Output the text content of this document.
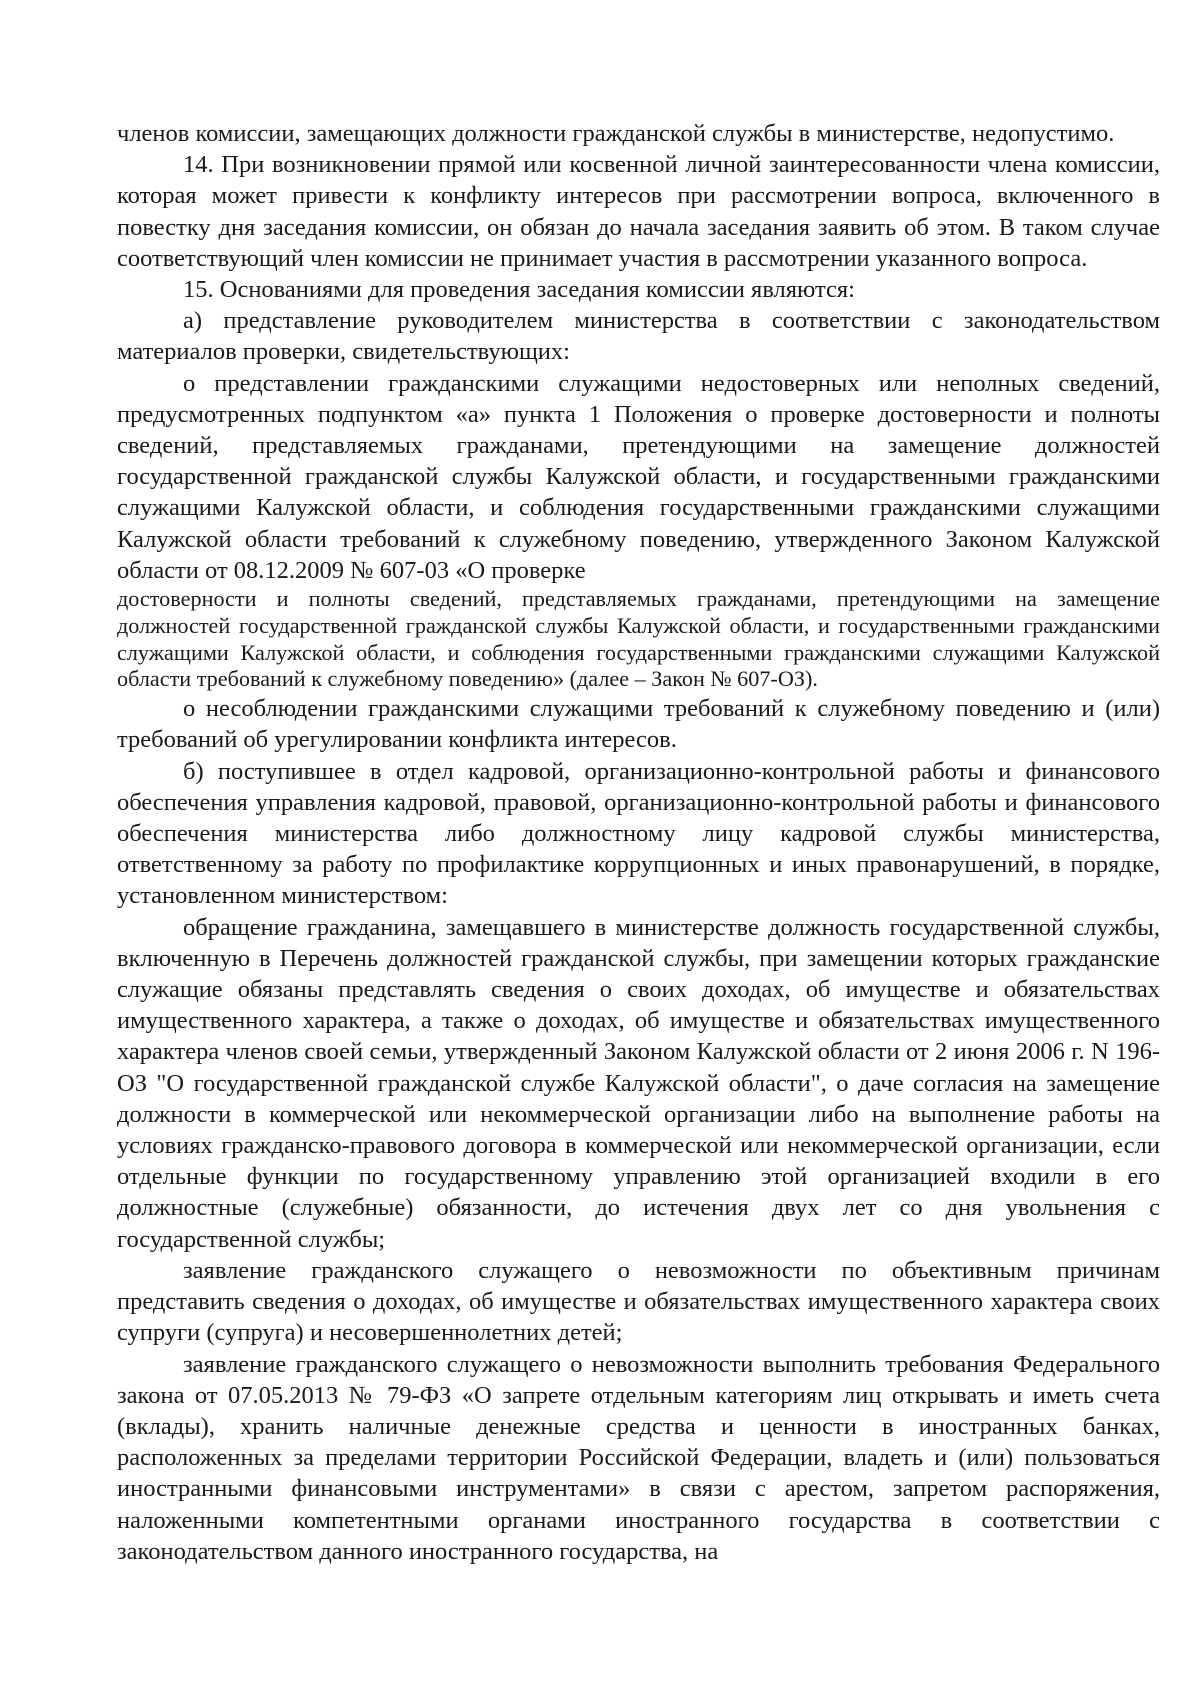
членов комиссии, замещающих должности гражданской службы в министерстве, недопустимо.

14. При возникновении прямой или косвенной личной заинтересованности члена комиссии, которая может привести к конфликту интересов при рассмотрении вопроса, включенного в повестку дня заседания комиссии, он обязан до начала заседания заявить об этом. В таком случае соответствующий член комиссии не принимает участия в рассмотрении указанного вопроса.

15. Основаниями для проведения заседания комиссии являются:

а) представление руководителем министерства в соответствии с законодательством материалов проверки, свидетельствующих:

о представлении гражданскими служащими недостоверных или неполных сведений, предусмотренных подпунктом «а» пункта 1 Положения о проверке достоверности и полноты сведений, представляемых гражданами, претендующими на замещение должностей государственной гражданской службы Калужской области, и государственными гражданскими служащими Калужской области, и соблюдения государственными гражданскими служащими Калужской области требований к служебному поведению, утвержденного Законом Калужской области от 08.12.2009 № 607-03 «О проверке

достоверности и полноты сведений, представляемых гражданами, претендующими на замещение должностей государственной гражданской службы Калужской области, и государственными гражданскими служащими Калужской области, и соблюдения государственными гражданскими служащими Калужской области требований к служебному поведению» (далее – Закон № 607-ОЗ).

о несоблюдении гражданскими служащими требований к служебному поведению и (или) требований об урегулировании конфликта интересов.

б) поступившее в отдел кадровой, организационно-контрольной работы и финансового обеспечения управления кадровой, правовой, организационно-контрольной работы и финансового обеспечения министерства либо должностному лицу кадровой службы министерства, ответственному за работу по профилактике коррупционных и иных правонарушений, в порядке, установленном министерством:

обращение гражданина, замещавшего в министерстве должность государственной службы, включенную в Перечень должностей гражданской службы, при замещении которых гражданские служащие обязаны представлять сведения о своих доходах, об имуществе и обязательствах имущественного характера, а также о доходах, об имуществе и обязательствах имущественного характера членов своей семьи, утвержденный Законом Калужской области от 2 июня 2006 г. N 196-ОЗ "О государственной гражданской службе Калужской области", о даче согласия на замещение должности в коммерческой или некоммерческой организации либо на выполнение работы на условиях гражданско-правового договора в коммерческой или некоммерческой организации, если отдельные функции по государственному управлению этой организацией входили в его должностные (служебные) обязанности, до истечения двух лет со дня увольнения с государственной службы;

заявление гражданского служащего о невозможности по объективным причинам представить сведения о доходах, об имуществе и обязательствах имущественного характера своих супруги (супруга) и несовершеннолетних детей;

заявление гражданского служащего о невозможности выполнить требования Федерального закона от 07.05.2013 № 79-ФЗ «О запрете отдельным категориям лиц открывать и иметь счета (вклады), хранить наличные денежные средства и ценности в иностранных банках, расположенных за пределами территории Российской Федерации, владеть и (или) пользоваться иностранными финансовыми инструментами» в связи с арестом, запретом распоряжения, наложенными компетентными органами иностранного государства в соответствии с законодательством данного иностранного государства, на
